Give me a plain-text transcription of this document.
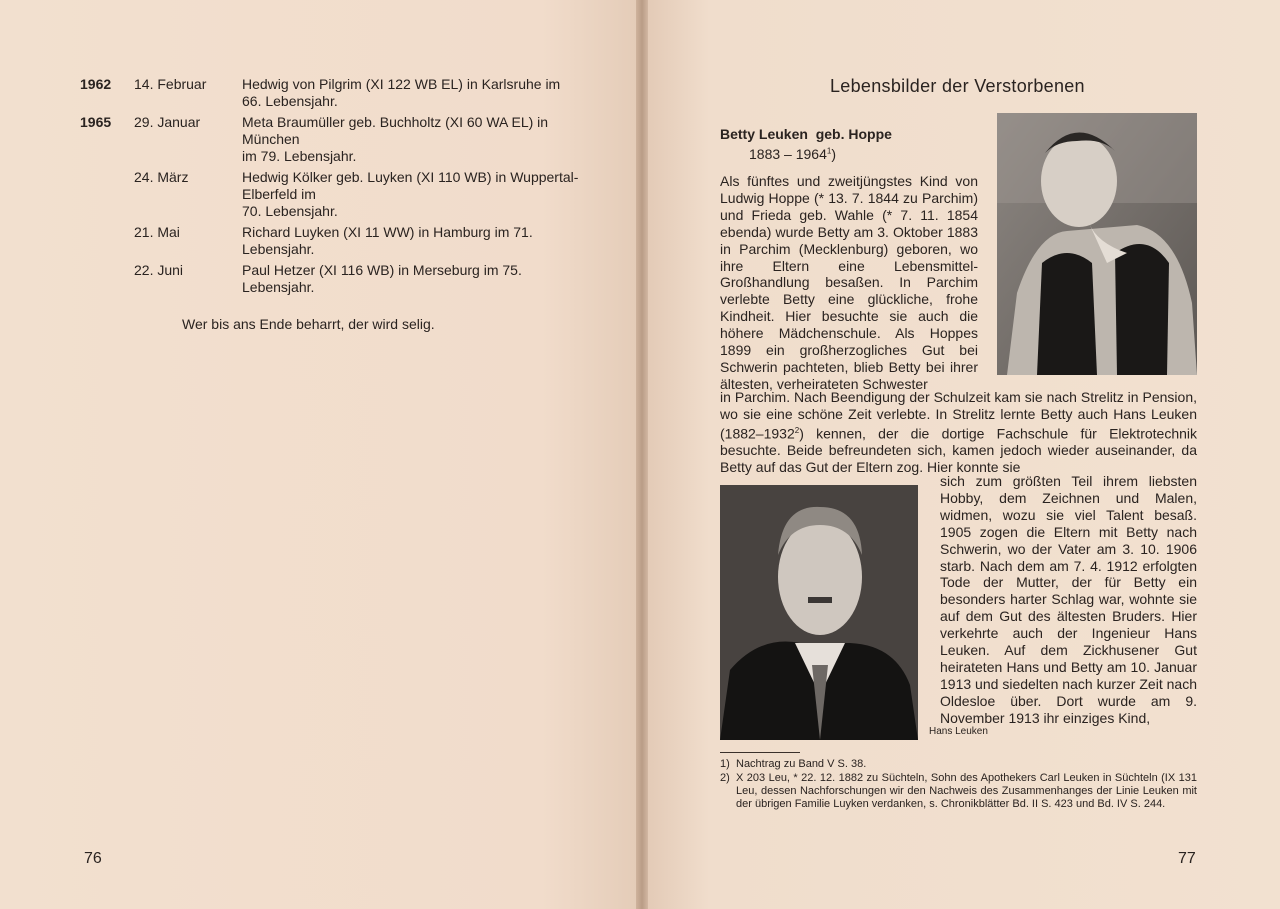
1962	14. Februar	Hedwig von Pilgrim (XI 122 WB EL) in Karlsruhe im 66. Lebensjahr.
1965	29. Januar	Meta Braumüller geb. Buchholtz (XI 60 WA EL) in München
im 79. Lebensjahr.
24. März	Hedwig Kölker geb. Luyken (XI 110 WB) in Wuppertal-Elberfeld im
70. Lebensjahr.
21. Mai	Richard Luyken (XI 11 WW) in Hamburg im 71. Lebensjahr.
22. Juni	Paul Hetzer (XI 116 WB) in Merseburg im 75. Lebensjahr.
Wer bis ans Ende beharrt, der wird selig.
76
Lebensbilder der Verstorbenen
Betty Leuken  geb. Hoppe
1883 – 1964$^1$)
Als fünftes und zweitjüngstes Kind von Ludwig Hoppe (* 13. 7. 1844 zu Parchim) und Frieda geb. Wahle (* 7. 11. 1854 ebenda) wurde Betty am 3. Oktober 1883 in Parchim (Mecklenburg) geboren, wo ihre Eltern eine Lebensmittel-Großhandlung besaßen. In Parchim verlebte Betty eine glückliche, frohe Kindheit. Hier besuchte sie auch die höhere Mädchenschule. Als Hoppes 1899 ein großherzogliches Gut bei Schwerin pachteten, blieb Betty bei ihrer ältesten, verheirateten Schwester
in Parchim. Nach Beendigung der Schulzeit kam sie nach Strelitz in Pension, wo sie eine schöne Zeit verlebte. In Strelitz lernte Betty auch Hans Leuken (1882–1932$^2$) kennen, der die dortige Fachschule für Elektrotechnik besuchte. Beide befreundeten sich, kamen jedoch wieder auseinander, da Betty auf das Gut der Eltern zog. Hier konnte sie
Hans Leuken
sich zum größten Teil ihrem liebsten Hobby, dem Zeichnen und Malen, widmen, wozu sie viel Talent besaß. 1905 zogen die Eltern mit Betty nach Schwerin, wo der Vater am 3. 10. 1906 starb. Nach dem am 7. 4. 1912 erfolgten Tode der Mutter, der für Betty ein besonders harter Schlag war, wohnte sie auf dem Gut des ältesten Bruders. Hier verkehrte auch der Ingenieur Hans Leuken. Auf dem Zickhusener Gut heirateten Hans und Betty am 10. Januar 1913 und siedelten nach kurzer Zeit nach Oldesloe über. Dort wurde am 9. November 1913 ihr einziges Kind,
1) Nachtrag zu Band V S. 38.
2) X 203 Leu, * 22. 12. 1882 zu Süchteln, Sohn des Apothekers Carl Leuken in Süchteln (IX 131 Leu, dessen Nachforschungen wir den Nachweis des Zusammenhanges der Linie Leuken mit der übrigen Familie Luyken verdanken, s. Chronikblätter Bd. II S. 423 und Bd. IV S. 244.
77
